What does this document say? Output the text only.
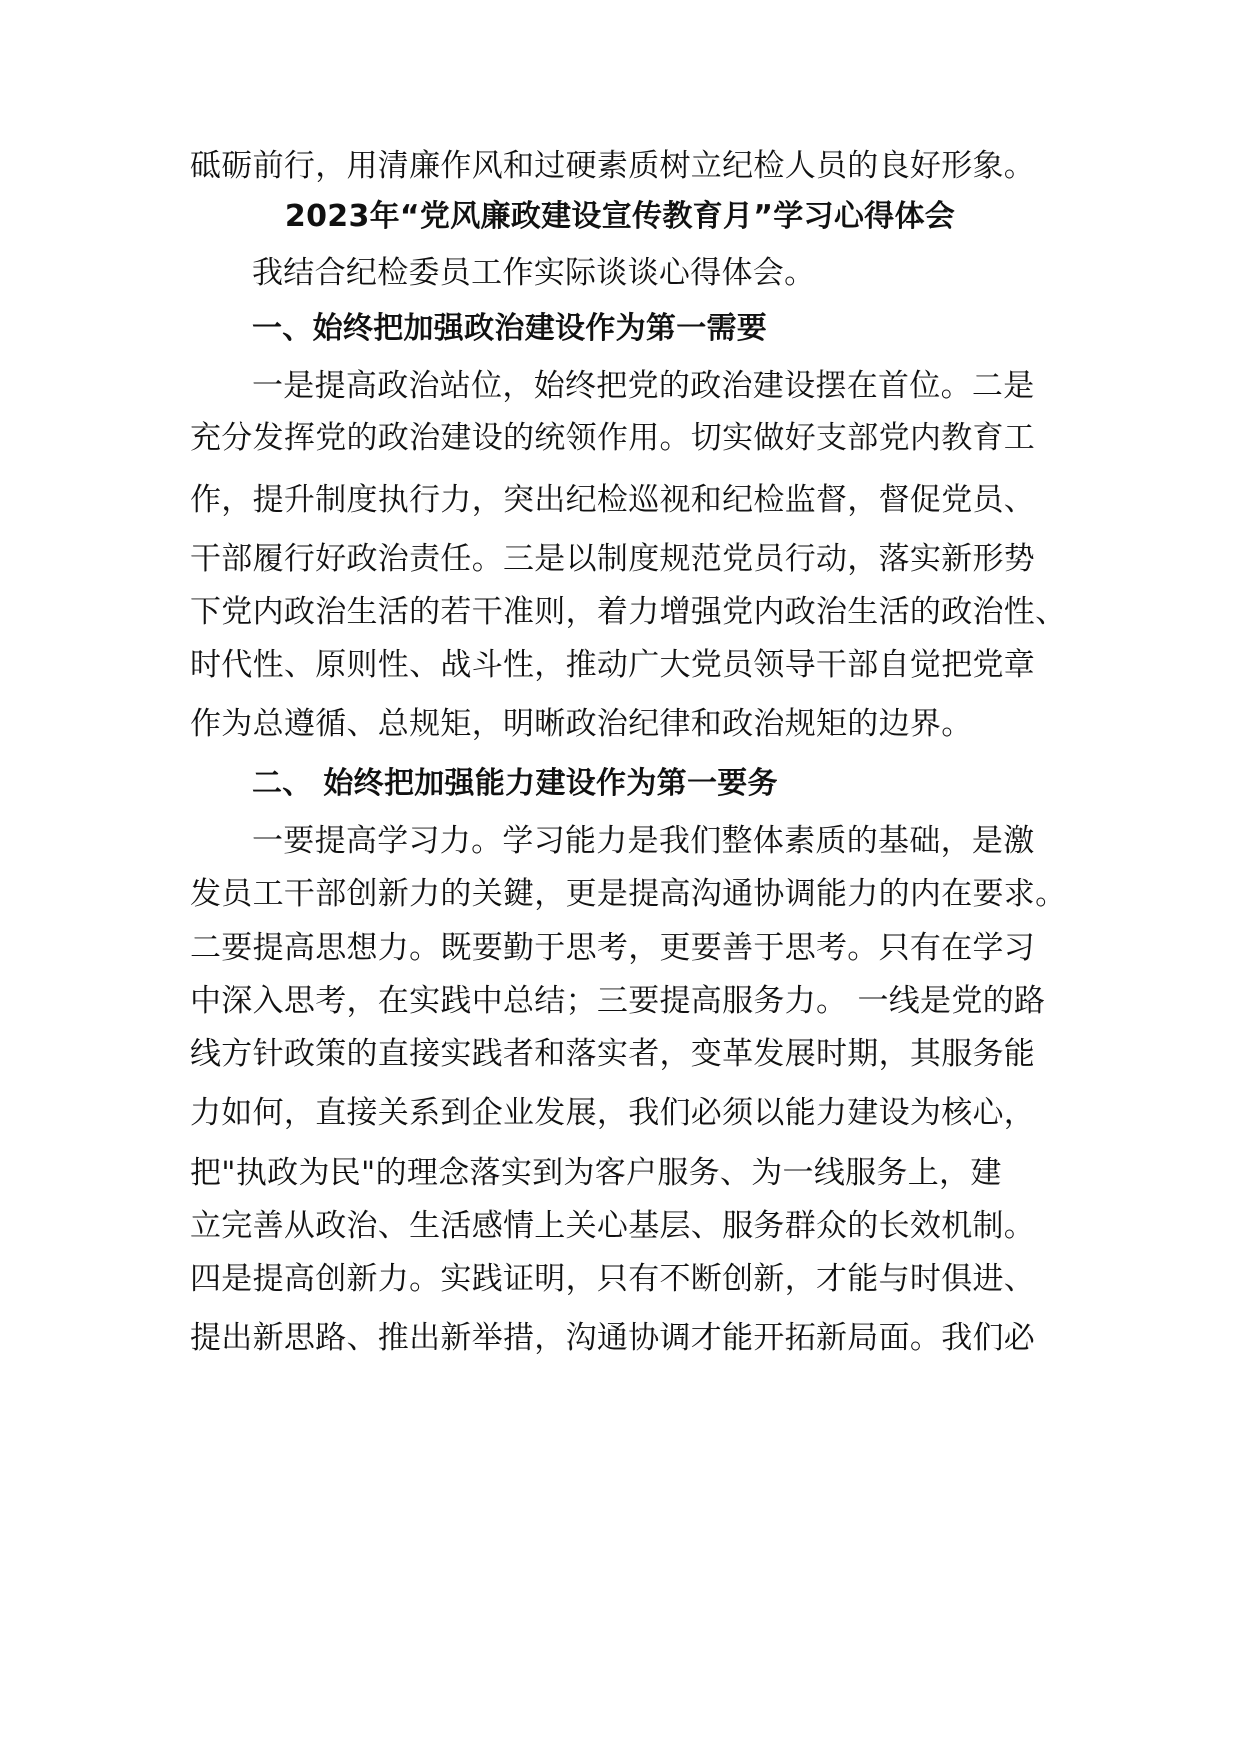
砥砺前行，用清廉作风和过硬素质树立纪检人员的良好形象。
2023年“党风廉政建设宣传教育月”学习心得体会
我结合纪检委员工作实际谈谈心得体会。
一、始终把加强政治建设作为第一需要
一是提高政治站位，始终把党的政治建设摆在首位。二是
充分发挥党的政治建设的统领作用。切实做好支部党内教育工
作，提升制度执行力，突出纪检巡视和纪检监督，督促党员、
干部履行好政治责任。三是以制度规范党员行动，落实新形势
下党内政治生活的若干准则，着力增强党内政治生活的政治性、
时代性、原则性、战斗性，推动广大党员领导干部自觉把党章
作为总遵循、总规矩，明晰政治纪律和政治规矩的边界。
二、 始终把加强能力建设作为第一要务
一要提高学习力。学习能力是我们整体素质的基础，是激
发员工干部创新力的关鍵，更是提高沟通协调能力的内在要求。
二要提高思想力。既要勤于思考，更要善于思考。只有在学习
中深入思考，在实践中总结；三要提高服务力。 一线是党的路
线方针政策的直接实践者和落实者，变革发展时期，其服务能
力如何，直接关系到企业发展，我们必须以能力建设为核心，
把"执政为民"的理念落实到为客户服务、为一线服务上，建
立完善从政治、生活感情上关心基层、服务群众的长效机制。
四是提高创新力。实践证明，只有不断创新，才能与时俱进、
提出新思路、推出新举措，沟通协调才能开拓新局面。我们必
